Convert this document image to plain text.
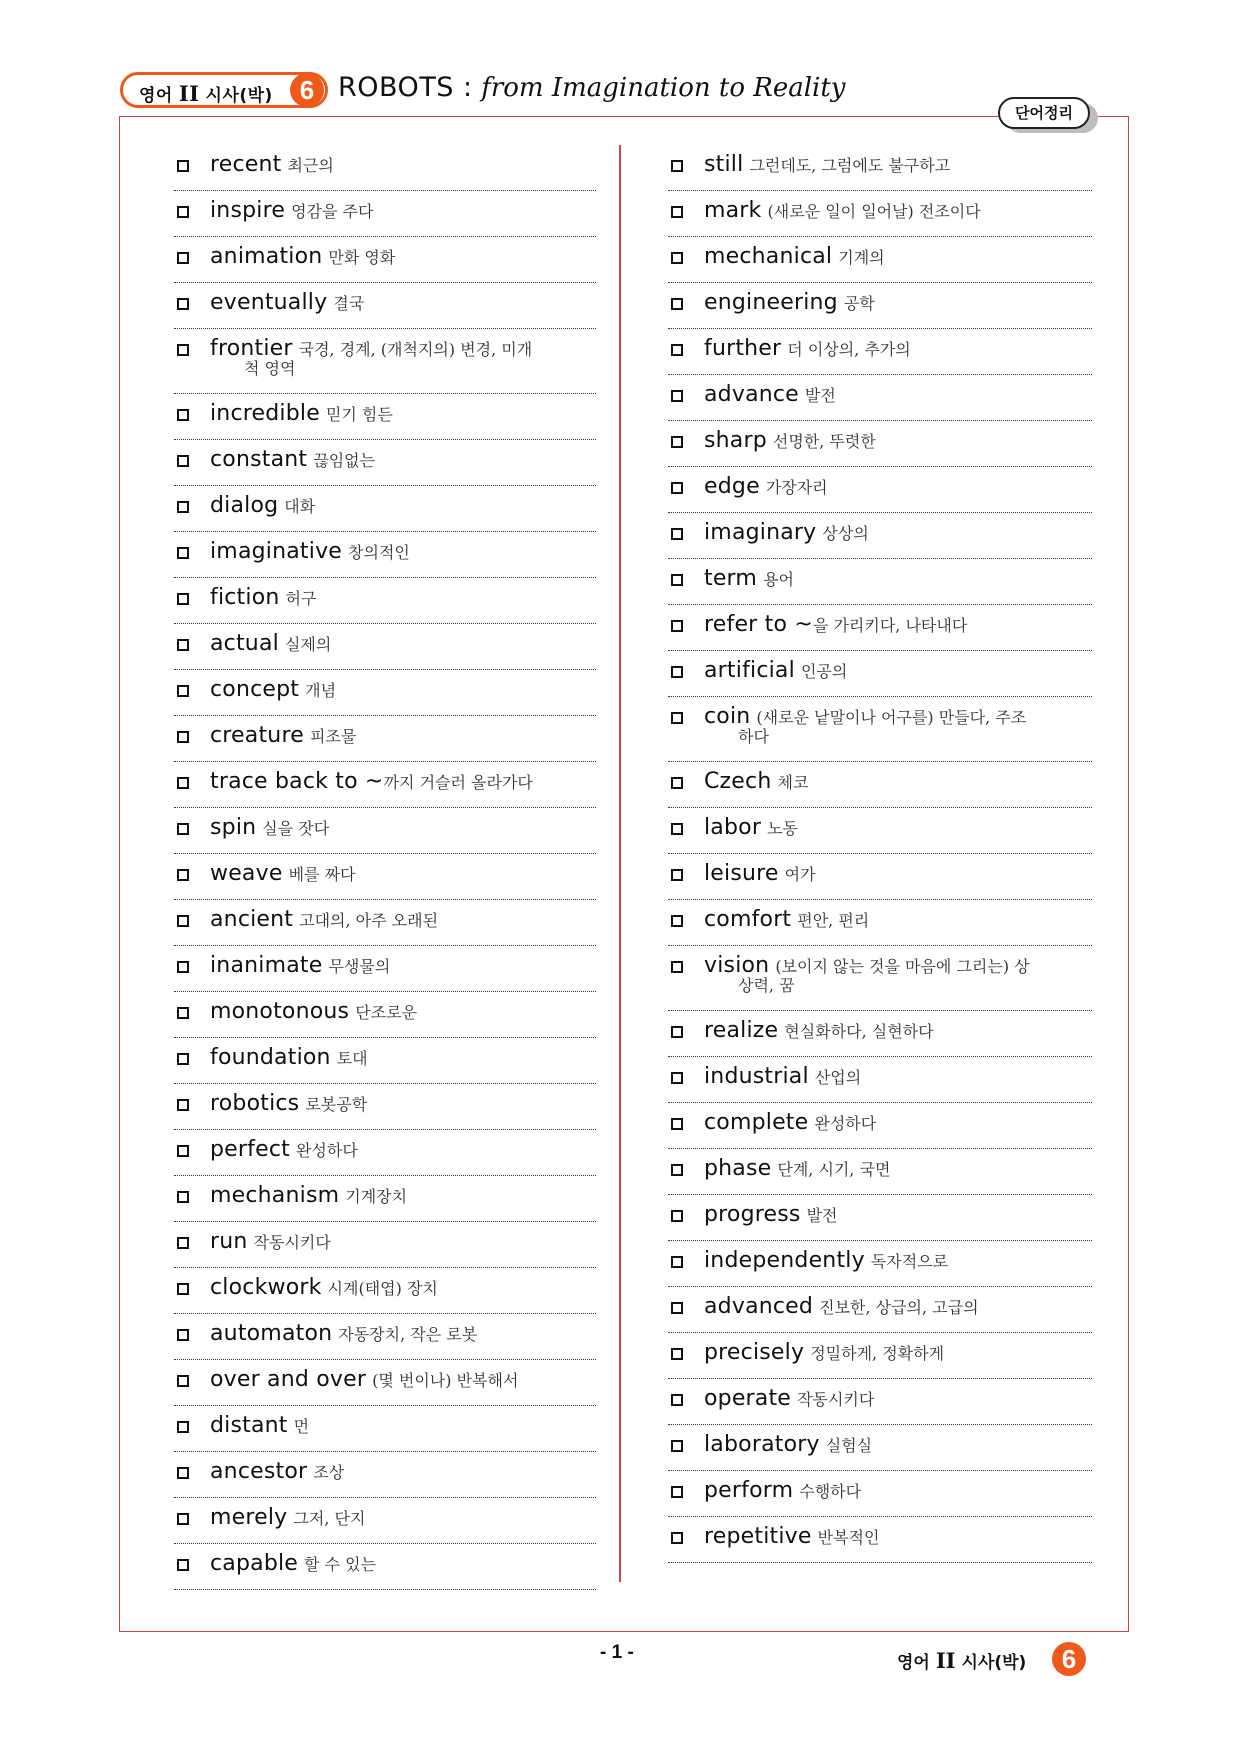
영어 II 시사(박)	6 ROBOTS : from Imagination to Reality
단어정리
recent 최근의
inspire 영감을 주다
animation 만화 영화
eventually 결국
frontier 국경, 경계, (개척지의) 변경, 미개
척 영역
incredible 믿기 힘든
constant 끊임없는
dialog 대화
imaginative 창의적인
fiction 허구
actual 실제의
concept 개념
creature 피조물
trace back to ~까지 거슬러 올라가다
spin 실을 잣다
weave 베를 짜다
ancient 고대의, 아주 오래된
inanimate 무생물의
monotonous 단조로운
foundation 토대
robotics 로봇공학
perfect 완성하다
mechanism 기계장치
run 작동시키다
clockwork 시계(태엽) 장치
automaton 자동장치, 작은 로봇
over and over (몇 번이나) 반복해서
distant 먼
ancestor 조상
merely 그저, 단지
capable 할 수 있는
still 그런데도, 그럼에도 불구하고
mark (새로운 일이 일어날) 전조이다
mechanical 기계의
engineering 공학
further 더 이상의, 추가의
advance 발전
sharp 선명한, 뚜렷한
edge 가장자리
imaginary 상상의
term 용어
refer to ~을 가리키다, 나타내다
artificial 인공의
coin (새로운 낱말이나 어구를) 만들다, 주조
하다
Czech 체코
labor 노동
leisure 여가
comfort 편안, 편리
vision (보이지 않는 것을 마음에 그리는) 상
상력, 꿈
realize 현실화하다, 실현하다
industrial 산업의
complete 완성하다
phase 단계, 시기, 국면
progress 발전
independently 독자적으로
advanced 진보한, 상급의, 고급의
precisely 정밀하게, 정확하게
operate 작동시키다
laboratory 실험실
perform 수행하다
repetitive 반복적인
- 1 -	영어 II 시사(박)	6
